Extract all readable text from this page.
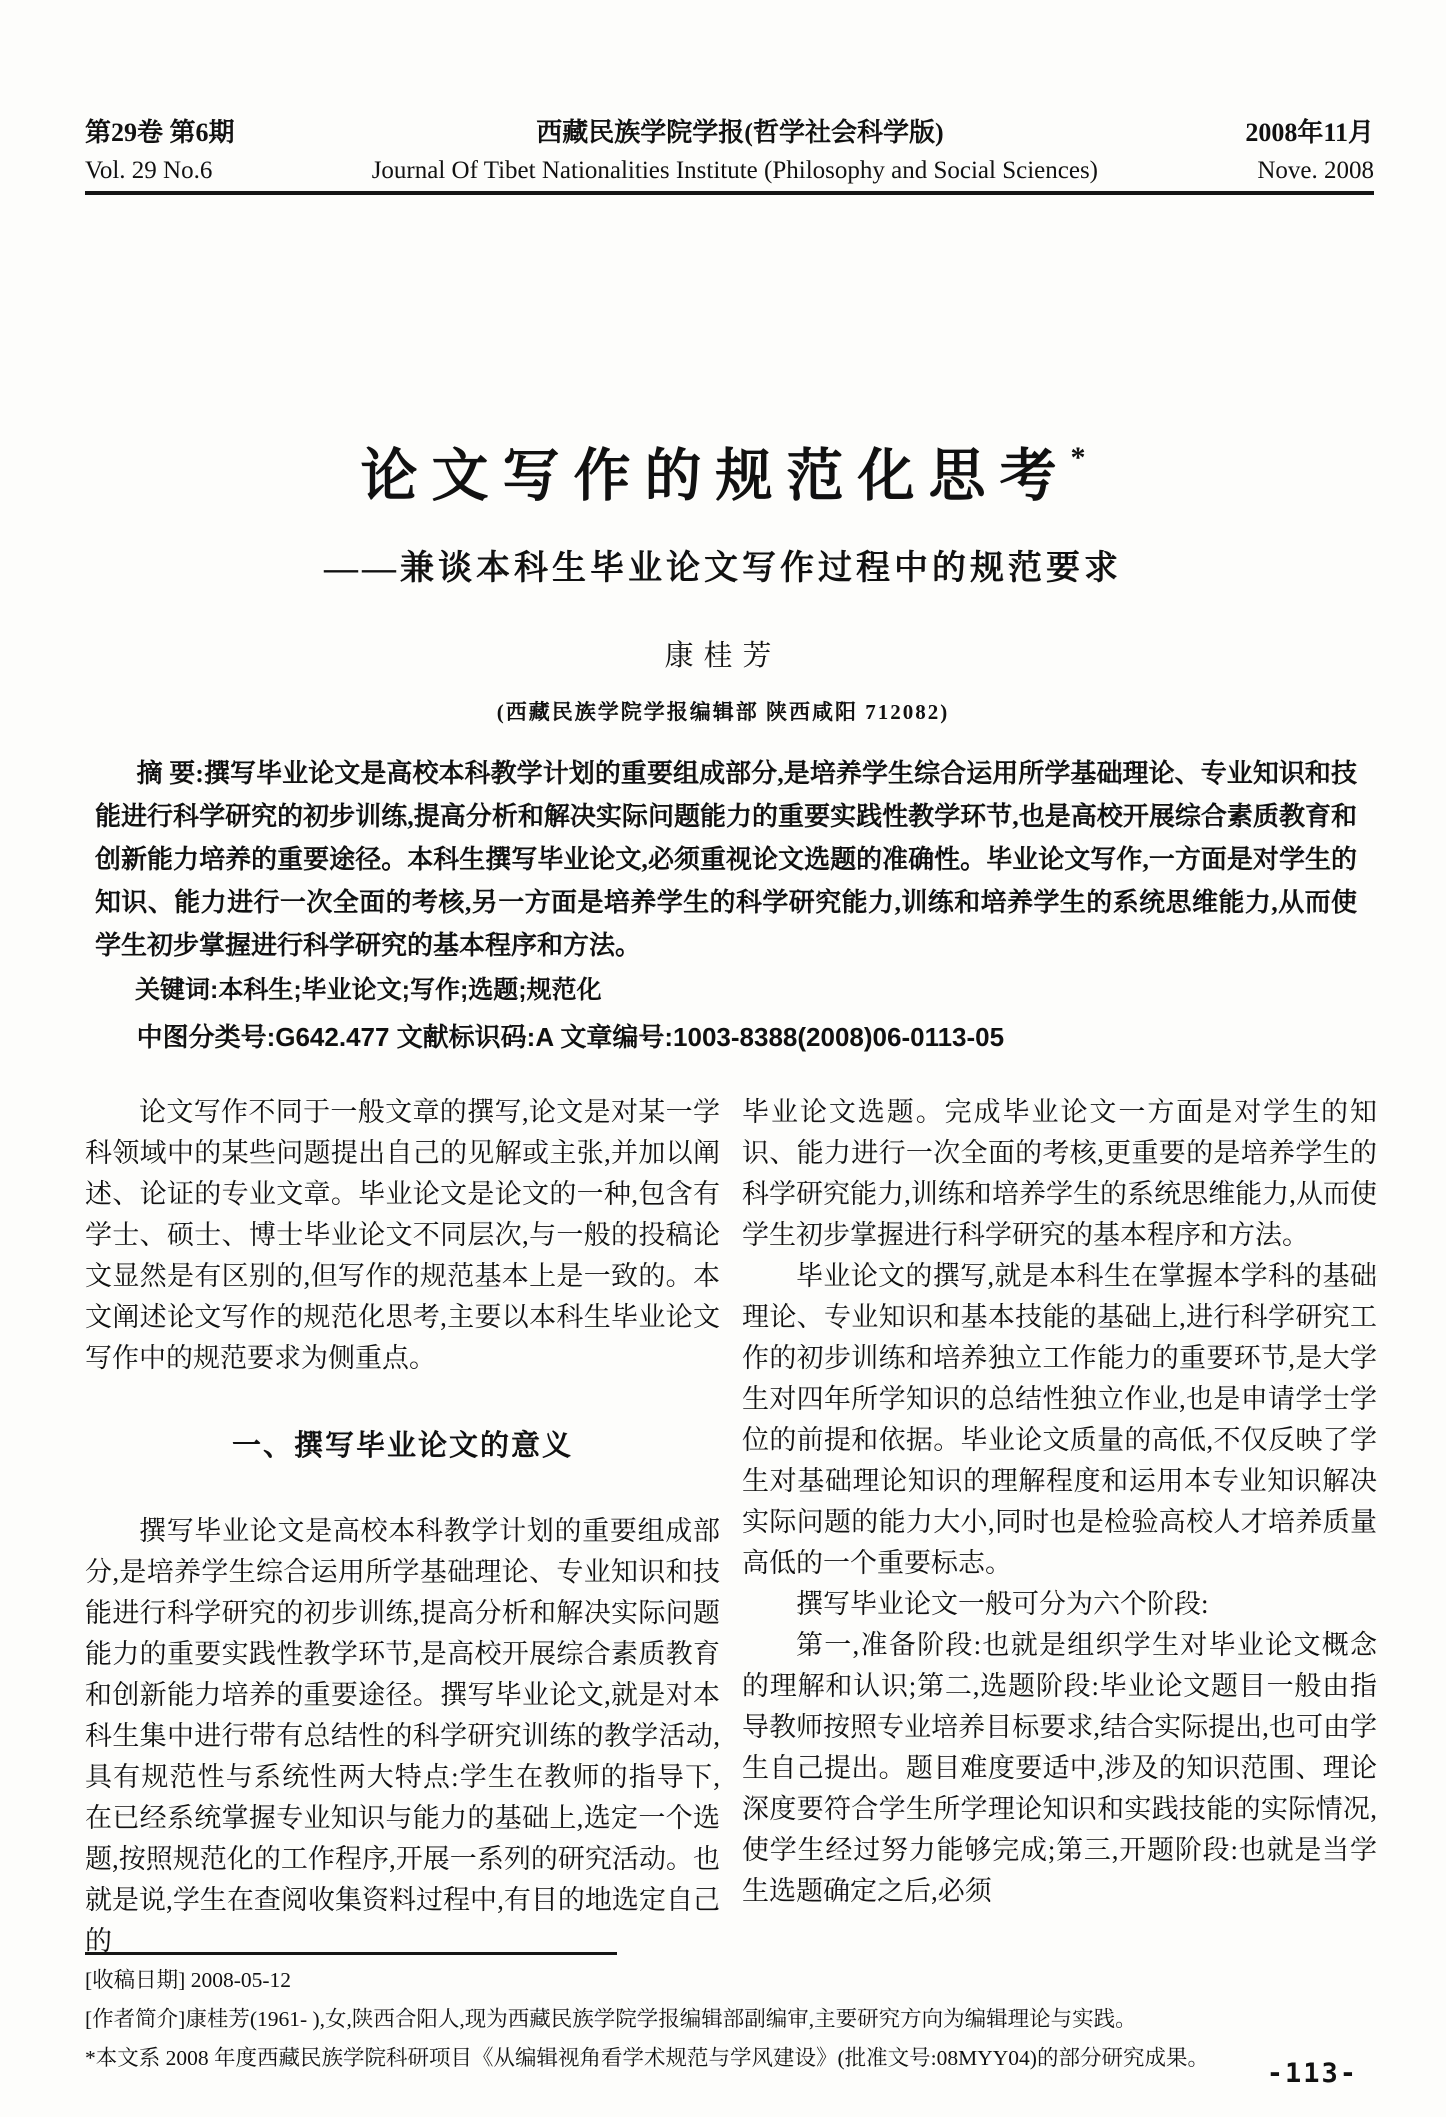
第29卷 第6期	西藏民族学院学报(哲学社会科学版)	2008年11月
Vol. 29 No.6	Journal Of Tibet Nationalities Institute (Philosophy and Social Sciences)	Nove. 2008
论文写作的规范化思考*
——兼谈本科生毕业论文写作过程中的规范要求
康桂芳
(西藏民族学院学报编辑部 陕西咸阳 712082)
摘 要:撰写毕业论文是高校本科教学计划的重要组成部分,是培养学生综合运用所学基础理论、专业知识和技能进行科学研究的初步训练,提高分析和解决实际问题能力的重要实践性教学环节,也是高校开展综合素质教育和创新能力培养的重要途径。本科生撰写毕业论文,必须重视论文选题的准确性。毕业论文写作,一方面是对学生的知识、能力进行一次全面的考核,另一方面是培养学生的科学研究能力,训练和培养学生的系统思维能力,从而使学生初步掌握进行科学研究的基本程序和方法。
关键词:本科生;毕业论文;写作;选题;规范化
中图分类号:G642.477 文献标识码:A 文章编号:1003-8388(2008)06-0113-05

论文写作不同于一般文章的撰写,论文是对某一学科领域中的某些问题提出自己的见解或主张,并加以阐述、论证的专业文章。毕业论文是论文的一种,包含有学士、硕士、博士毕业论文不同层次,与一般的投稿论文显然是有区别的,但写作的规范基本上是一致的。本文阐述论文写作的规范化思考,主要以本科生毕业论文写作中的规范要求为侧重点。

一、撰写毕业论文的意义

撰写毕业论文是高校本科教学计划的重要组成部分,是培养学生综合运用所学基础理论、专业知识和技能进行科学研究的初步训练,提高分析和解决实际问题能力的重要实践性教学环节,是高校开展综合素质教育和创新能力培养的重要途径。撰写毕业论文,就是对本科生集中进行带有总结性的科学研究训练的教学活动,具有规范性与系统性两大特点:学生在教师的指导下,在已经系统掌握专业知识与能力的基础上,选定一个选题,按照规范化的工作程序,开展一系列的研究活动。也就是说,学生在查阅收集资料过程中,有目的地选定自己的

毕业论文选题。完成毕业论文一方面是对学生的知识、能力进行一次全面的考核,更重要的是培养学生的科学研究能力,训练和培养学生的系统思维能力,从而使学生初步掌握进行科学研究的基本程序和方法。

毕业论文的撰写,就是本科生在掌握本学科的基础理论、专业知识和基本技能的基础上,进行科学研究工作的初步训练和培养独立工作能力的重要环节,是大学生对四年所学知识的总结性独立作业,也是申请学士学位的前提和依据。毕业论文质量的高低,不仅反映了学生对基础理论知识的理解程度和运用本专业知识解决实际问题的能力大小,同时也是检验高校人才培养质量高低的一个重要标志。

撰写毕业论文一般可分为六个阶段:

第一,准备阶段:也就是组织学生对毕业论文概念的理解和认识;第二,选题阶段:毕业论文题目一般由指导教师按照专业培养目标要求,结合实际提出,也可由学生自己提出。题目难度要适中,涉及的知识范围、理论深度要符合学生所学理论知识和实践技能的实际情况,使学生经过努力能够完成;第三,开题阶段:也就是当学生选题确定之后,必须

[收稿日期] 2008-05-12
[作者简介]康桂芳(1961- ),女,陕西合阳人,现为西藏民族学院学报编辑部副编审,主要研究方向为编辑理论与实践。
*本文系 2008 年度西藏民族学院科研项目《从编辑视角看学术规范与学风建设》(批准文号:08MYY04)的部分研究成果。	-113-
